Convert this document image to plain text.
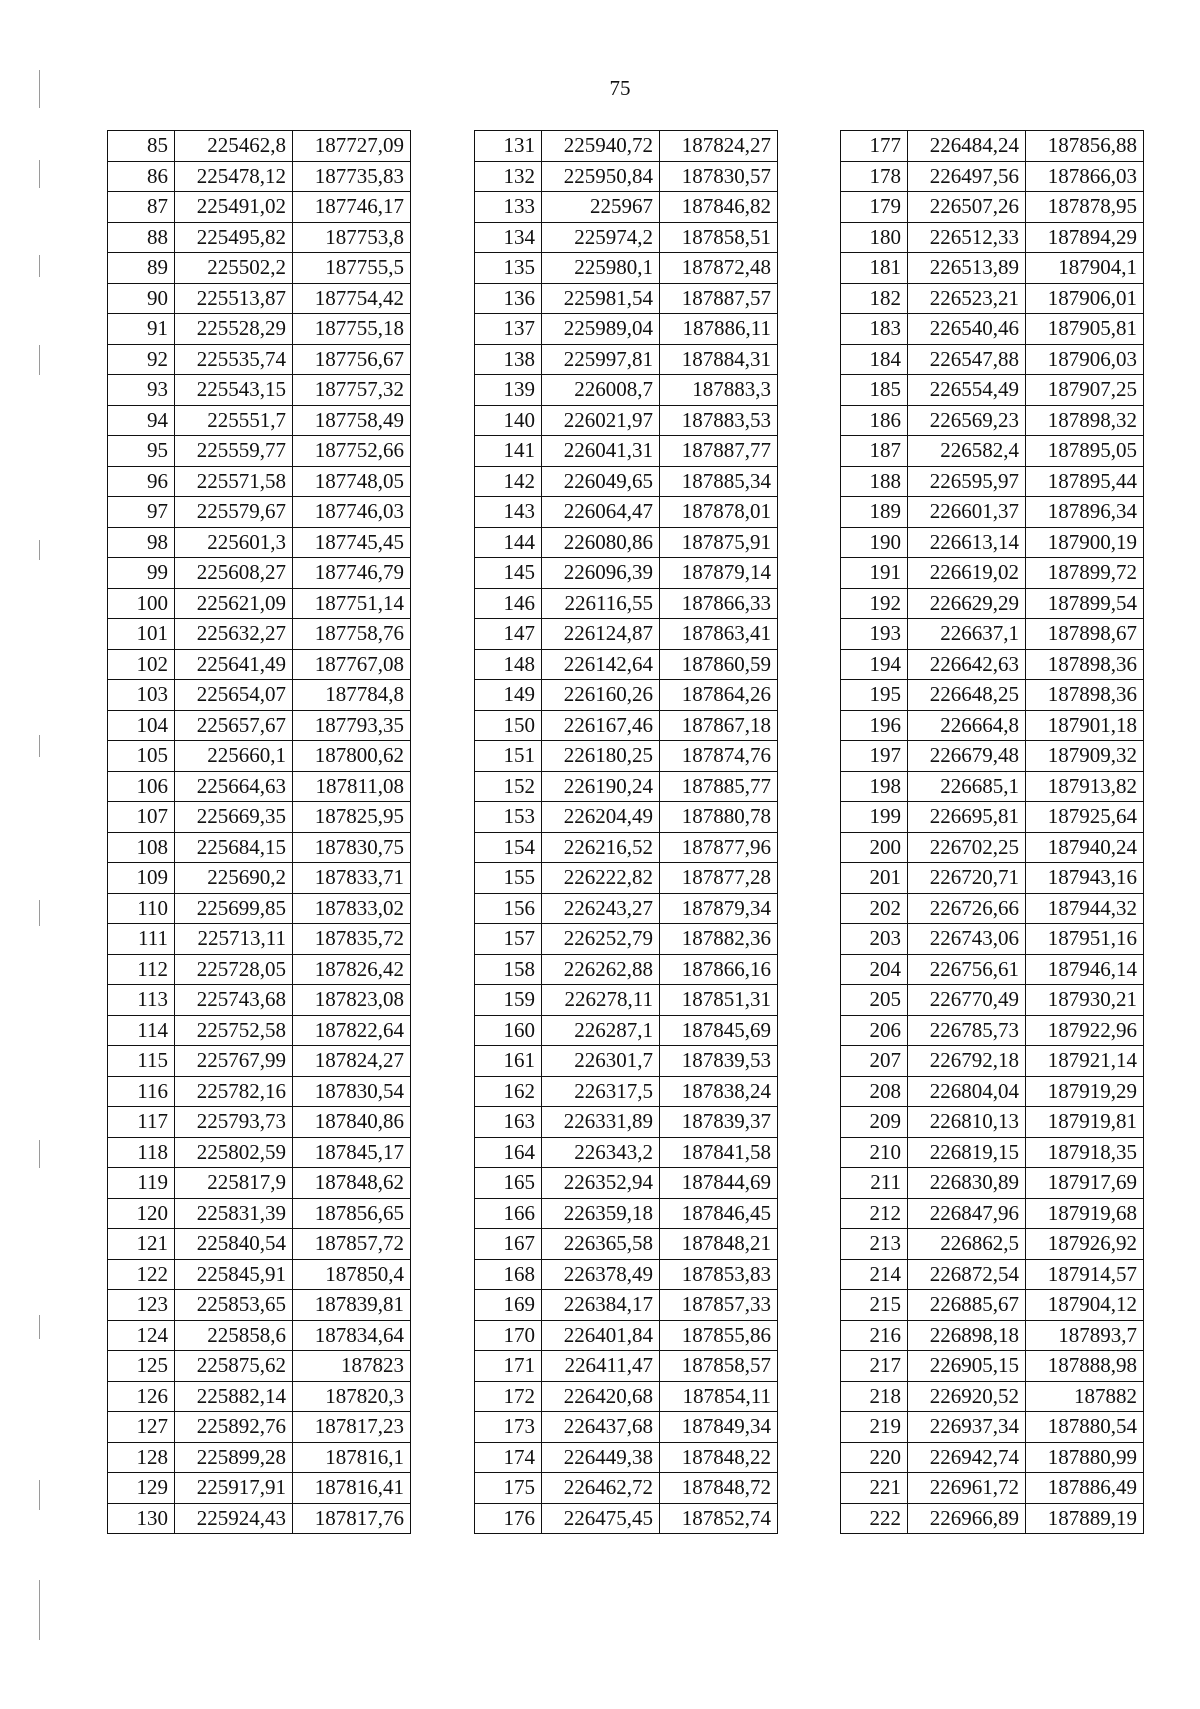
75
85	225462,8	187727,09
86	225478,12	187735,83
87	225491,02	187746,17
88	225495,82	187753,8
89	225502,2	187755,5
90	225513,87	187754,42
91	225528,29	187755,18
92	225535,74	187756,67
93	225543,15	187757,32
94	225551,7	187758,49
95	225559,77	187752,66
96	225571,58	187748,05
97	225579,67	187746,03
98	225601,3	187745,45
99	225608,27	187746,79
100	225621,09	187751,14
101	225632,27	187758,76
102	225641,49	187767,08
103	225654,07	187784,8
104	225657,67	187793,35
105	225660,1	187800,62
106	225664,63	187811,08
107	225669,35	187825,95
108	225684,15	187830,75
109	225690,2	187833,71
110	225699,85	187833,02
111	225713,11	187835,72
112	225728,05	187826,42
113	225743,68	187823,08
114	225752,58	187822,64
115	225767,99	187824,27
116	225782,16	187830,54
117	225793,73	187840,86
118	225802,59	187845,17
119	225817,9	187848,62
120	225831,39	187856,65
121	225840,54	187857,72
122	225845,91	187850,4
123	225853,65	187839,81
124	225858,6	187834,64
125	225875,62	187823
126	225882,14	187820,3
127	225892,76	187817,23
128	225899,28	187816,1
129	225917,91	187816,41
130	225924,43	187817,76
131	225940,72	187824,27
132	225950,84	187830,57
133	225967	187846,82
134	225974,2	187858,51
135	225980,1	187872,48
136	225981,54	187887,57
137	225989,04	187886,11
138	225997,81	187884,31
139	226008,7	187883,3
140	226021,97	187883,53
141	226041,31	187887,77
142	226049,65	187885,34
143	226064,47	187878,01
144	226080,86	187875,91
145	226096,39	187879,14
146	226116,55	187866,33
147	226124,87	187863,41
148	226142,64	187860,59
149	226160,26	187864,26
150	226167,46	187867,18
151	226180,25	187874,76
152	226190,24	187885,77
153	226204,49	187880,78
154	226216,52	187877,96
155	226222,82	187877,28
156	226243,27	187879,34
157	226252,79	187882,36
158	226262,88	187866,16
159	226278,11	187851,31
160	226287,1	187845,69
161	226301,7	187839,53
162	226317,5	187838,24
163	226331,89	187839,37
164	226343,2	187841,58
165	226352,94	187844,69
166	226359,18	187846,45
167	226365,58	187848,21
168	226378,49	187853,83
169	226384,17	187857,33
170	226401,84	187855,86
171	226411,47	187858,57
172	226420,68	187854,11
173	226437,68	187849,34
174	226449,38	187848,22
175	226462,72	187848,72
176	226475,45	187852,74
177	226484,24	187856,88
178	226497,56	187866,03
179	226507,26	187878,95
180	226512,33	187894,29
181	226513,89	187904,1
182	226523,21	187906,01
183	226540,46	187905,81
184	226547,88	187906,03
185	226554,49	187907,25
186	226569,23	187898,32
187	226582,4	187895,05
188	226595,97	187895,44
189	226601,37	187896,34
190	226613,14	187900,19
191	226619,02	187899,72
192	226629,29	187899,54
193	226637,1	187898,67
194	226642,63	187898,36
195	226648,25	187898,36
196	226664,8	187901,18
197	226679,48	187909,32
198	226685,1	187913,82
199	226695,81	187925,64
200	226702,25	187940,24
201	226720,71	187943,16
202	226726,66	187944,32
203	226743,06	187951,16
204	226756,61	187946,14
205	226770,49	187930,21
206	226785,73	187922,96
207	226792,18	187921,14
208	226804,04	187919,29
209	226810,13	187919,81
210	226819,15	187918,35
211	226830,89	187917,69
212	226847,96	187919,68
213	226862,5	187926,92
214	226872,54	187914,57
215	226885,67	187904,12
216	226898,18	187893,7
217	226905,15	187888,98
218	226920,52	187882
219	226937,34	187880,54
220	226942,74	187880,99
221	226961,72	187886,49
222	226966,89	187889,19
